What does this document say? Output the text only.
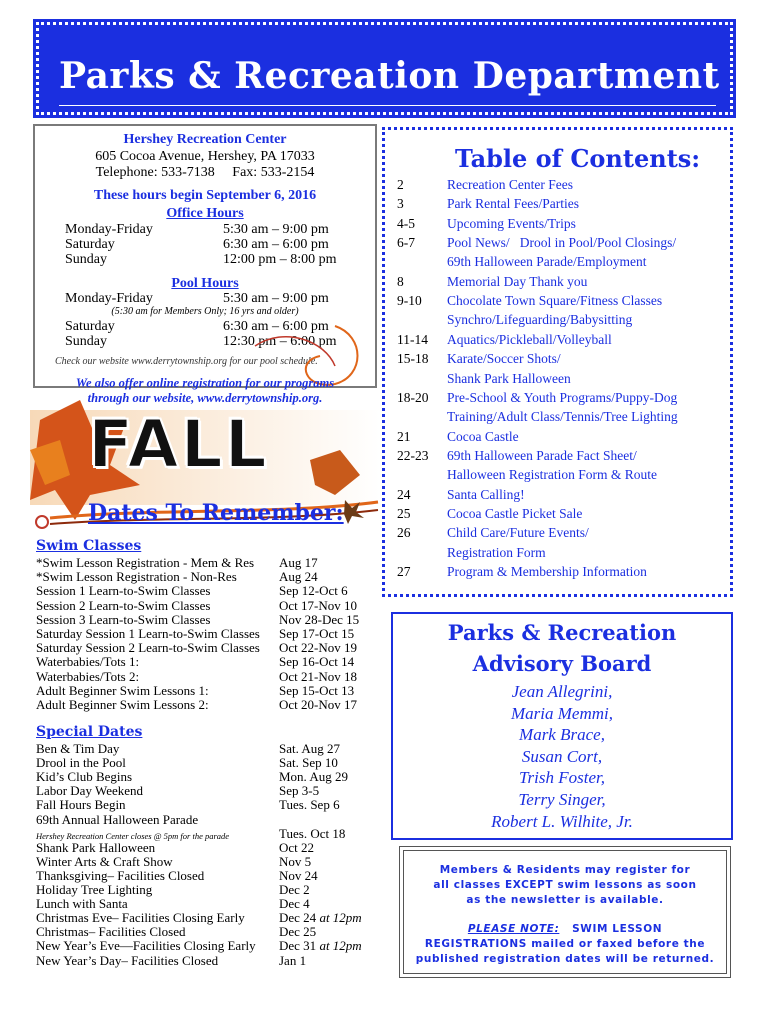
Parks & Recreation Department
Hershey Recreation Center
605 Cocoa Avenue, Hershey, PA 17033
Telephone: 533-7138     Fax: 533-2154
These hours begin September 6, 2016
Office Hours
Monday-Friday	5:30 am – 9:00 pm
Saturday	6:30 am – 6:00 pm
Sunday	12:00 pm – 8:00 pm
Pool Hours
Monday-Friday	5:30 am – 9:00 pm
(5:30 am for Members Only; 16 yrs and older)
Saturday	6:30 am – 6:00 pm
Sunday	12:30 pm – 6:00 pm
Check our website www.derrytownship.org for our pool schedule.
We also offer online registration for our programs
through our website, www.derrytownship.org.
FALL
Dates To Remember:
Swim Classes
*Swim Lesson Registration - Mem & Res Aug 17
*Swim Lesson Registration - Non-Res	Aug 24
Session 1 Learn-to-Swim Classes	Sep 12-Oct 6
Session 2 Learn-to-Swim Classes	Oct 17-Nov 10
Session 3 Learn-to-Swim Classes	Nov 28-Dec 15
Saturday Session 1 Learn-to-Swim Classes Sep 17-Oct 15
Saturday Session 2 Learn-to-Swim Classes Oct 22-Nov 19
Waterbabies/Tots 1:	Sep 16-Oct 14
Waterbabies/Tots 2:	Oct 21-Nov 18
Adult Beginner Swim Lessons 1:	Sep 15-Oct 13
Adult Beginner Swim Lessons 2:	Oct 20-Nov 17
Special Dates
Ben & Tim Day	Sat. Aug 27
Drool in the Pool	Sat. Sep 10
Kid’s Club Begins	Mon. Aug 29
Labor Day Weekend	Sep 3-5
Fall Hours Begin	Tues. Sep 6
69th Annual Halloween Parade
Hershey Recreation Center closes @ 5pm for the parade	Tues. Oct 18
Shank Park Halloween	Oct 22
Winter Arts & Craft Show	Nov 5
Thanksgiving– Facilities Closed	Nov 24
Holiday Tree Lighting	Dec 2
Lunch with Santa	Dec 4
Christmas Eve– Facilities Closing Early	Dec 24 at 12pm
Christmas– Facilities Closed	Dec 25
New Year’s Eve—Facilities Closing Early Dec 31 at 12pm
New Year’s Day– Facilities Closed	Jan 1
Table of Contents:
2	Recreation Center Fees
3	Park Rental Fees/Parties
4-5 Upcoming Events/Trips
6-7 Pool News/   Drool in Pool/Pool Closings/
69th Halloween Parade/Employment
8	Memorial Day Thank you
9-10 Chocolate Town Square/Fitness Classes
Synchro/Lifeguarding/Babysitting
11-14 Aquatics/Pickleball/Volleyball
15-18 Karate/Soccer Shots/
Shank Park Halloween
18-20 Pre-School & Youth Programs/Puppy-Dog
Training/Adult Class/Tennis/Tree Lighting
21	Cocoa Castle
22-23 69th Halloween Parade Fact Sheet/
Halloween Registration Form & Route
24	Santa Calling!
25	Cocoa Castle Picket Sale
26	Child Care/Future Events/
Registration Form
27	Program & Membership Information
Parks & Recreation
Advisory Board
Jean Allegrini,
Maria Memmi,
Mark Brace,
Susan Cort,
Trish Foster,
Terry Singer,
Robert L. Wilhite, Jr.
Members & Residents may register for
all classes EXCEPT swim lessons as soon
as the newsletter is available.
PLEASE NOTE:   SWIM LESSON
REGISTRATIONS mailed or faxed before the
published registration dates will be returned.
